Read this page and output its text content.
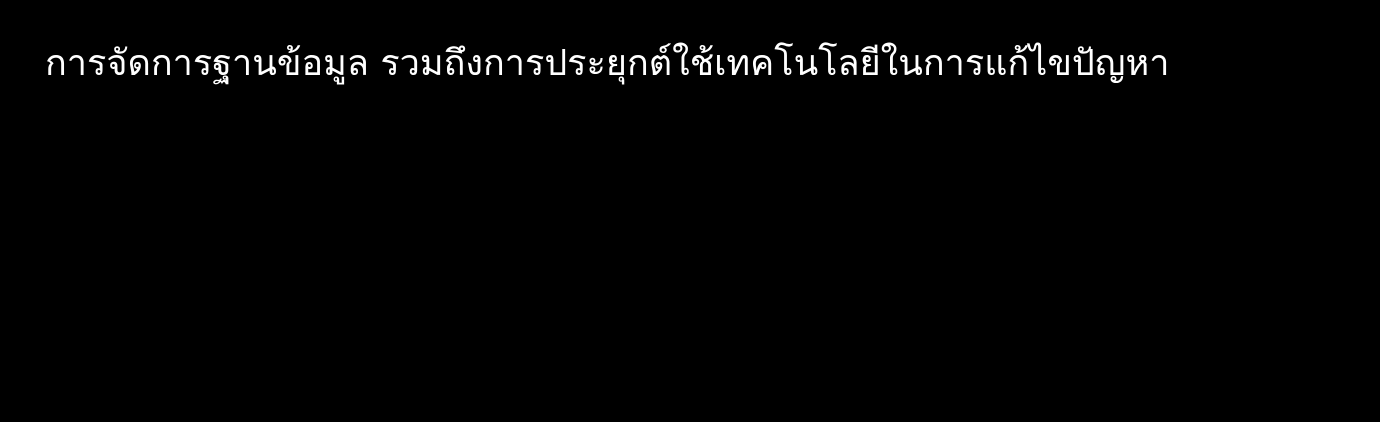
การจัดการฐานข้อมูล รวมถึงการประยุกต์ใช้เทคโนโลยีในการแก้ไขปัญหา
